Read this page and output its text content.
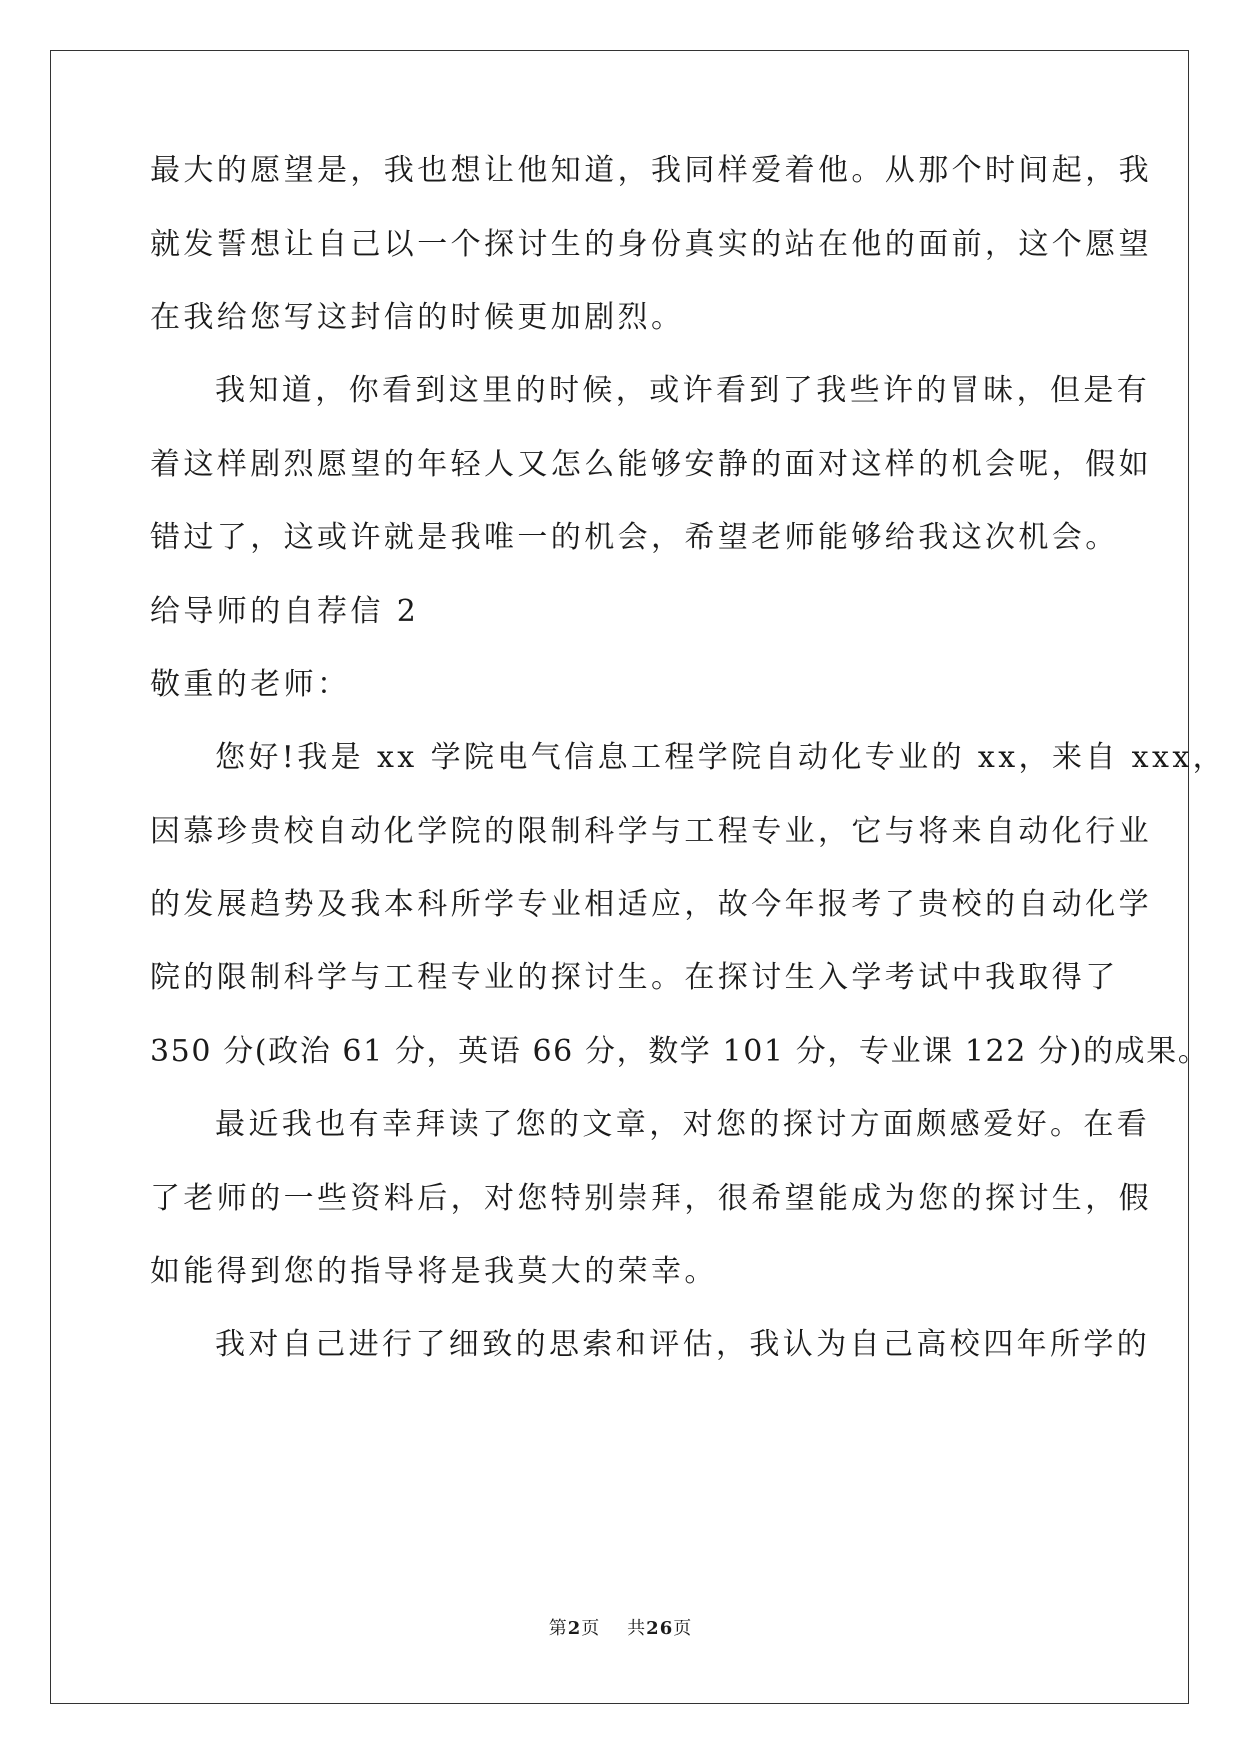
最大的愿望是，我也想让他知道，我同样爱着他。从那个时间起，我
就发誓想让自己以一个探讨生的身份真实的站在他的面前，这个愿望
在我给您写这封信的时候更加剧烈。
我知道，你看到这里的时候，或许看到了我些许的冒昧，但是有
着这样剧烈愿望的年轻人又怎么能够安静的面对这样的机会呢，假如
错过了，这或许就是我唯一的机会，希望老师能够给我这次机会。
给导师的自荐信 2
敬重的老师：
您好!我是 xx 学院电气信息工程学院自动化专业的 xx，来自 xxx，
因慕珍贵校自动化学院的限制科学与工程专业，它与将来自动化行业
的发展趋势及我本科所学专业相适应，故今年报考了贵校的自动化学
院的限制科学与工程专业的探讨生。在探讨生入学考试中我取得了
350 分(政治 61 分，英语 66 分，数学 101 分，专业课 122 分)的成果。
最近我也有幸拜读了您的文章，对您的探讨方面颇感爱好。在看
了老师的一些资料后，对您特别崇拜，很希望能成为您的探讨生，假
如能得到您的指导将是我莫大的荣幸。
我对自己进行了细致的思索和评估，我认为自己高校四年所学的
第2页 共26页
